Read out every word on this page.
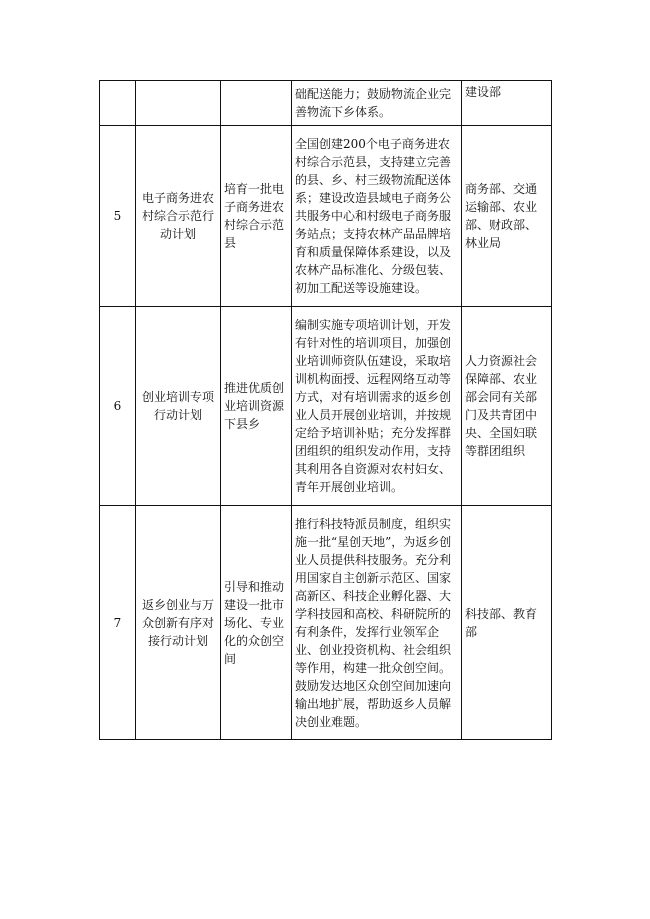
			础配送能力；鼓励物流企业完善物流下乡体系。	建设部
5	电子商务进农村综合示范行动计划	培育一批电子商务进农村综合示范县	全国创建200个电子商务进农村综合示范县，支持建立完善的县、乡、村三级物流配送体系；建设改造县域电子商务公共服务中心和村级电子商务服务站点；支持农林产品品牌培育和质量保障体系建设，以及农林产品标准化、分级包装、初加工配送等设施建设。	商务部、交通运输部、农业部、财政部、林业局
6	创业培训专项行动计划	推进优质创业培训资源下县乡	编制实施专项培训计划，开发有针对性的培训项目，加强创业培训师资队伍建设，采取培训机构面授、远程网络互动等方式，对有培训需求的返乡创业人员开展创业培训，并按规定给予培训补贴；充分发挥群团组织的组织发动作用，支持其利用各自资源对农村妇女、青年开展创业培训。	人力资源社会保障部、农业部会同有关部门及共青团中央、全国妇联等群团组织
7	返乡创业与万众创新有序对接行动计划	引导和推动建设一批市场化、专业化的众创空间	推行科技特派员制度，组织实施一批“星创天地”，为返乡创业人员提供科技服务。充分利用国家自主创新示范区、国家高新区、科技企业孵化器、大学科技园和高校、科研院所的有利条件，发挥行业领军企业、创业投资机构、社会组织等作用，构建一批众创空间。鼓励发达地区众创空间加速向输出地扩展，帮助返乡人员解决创业难题。	科技部、教育部
